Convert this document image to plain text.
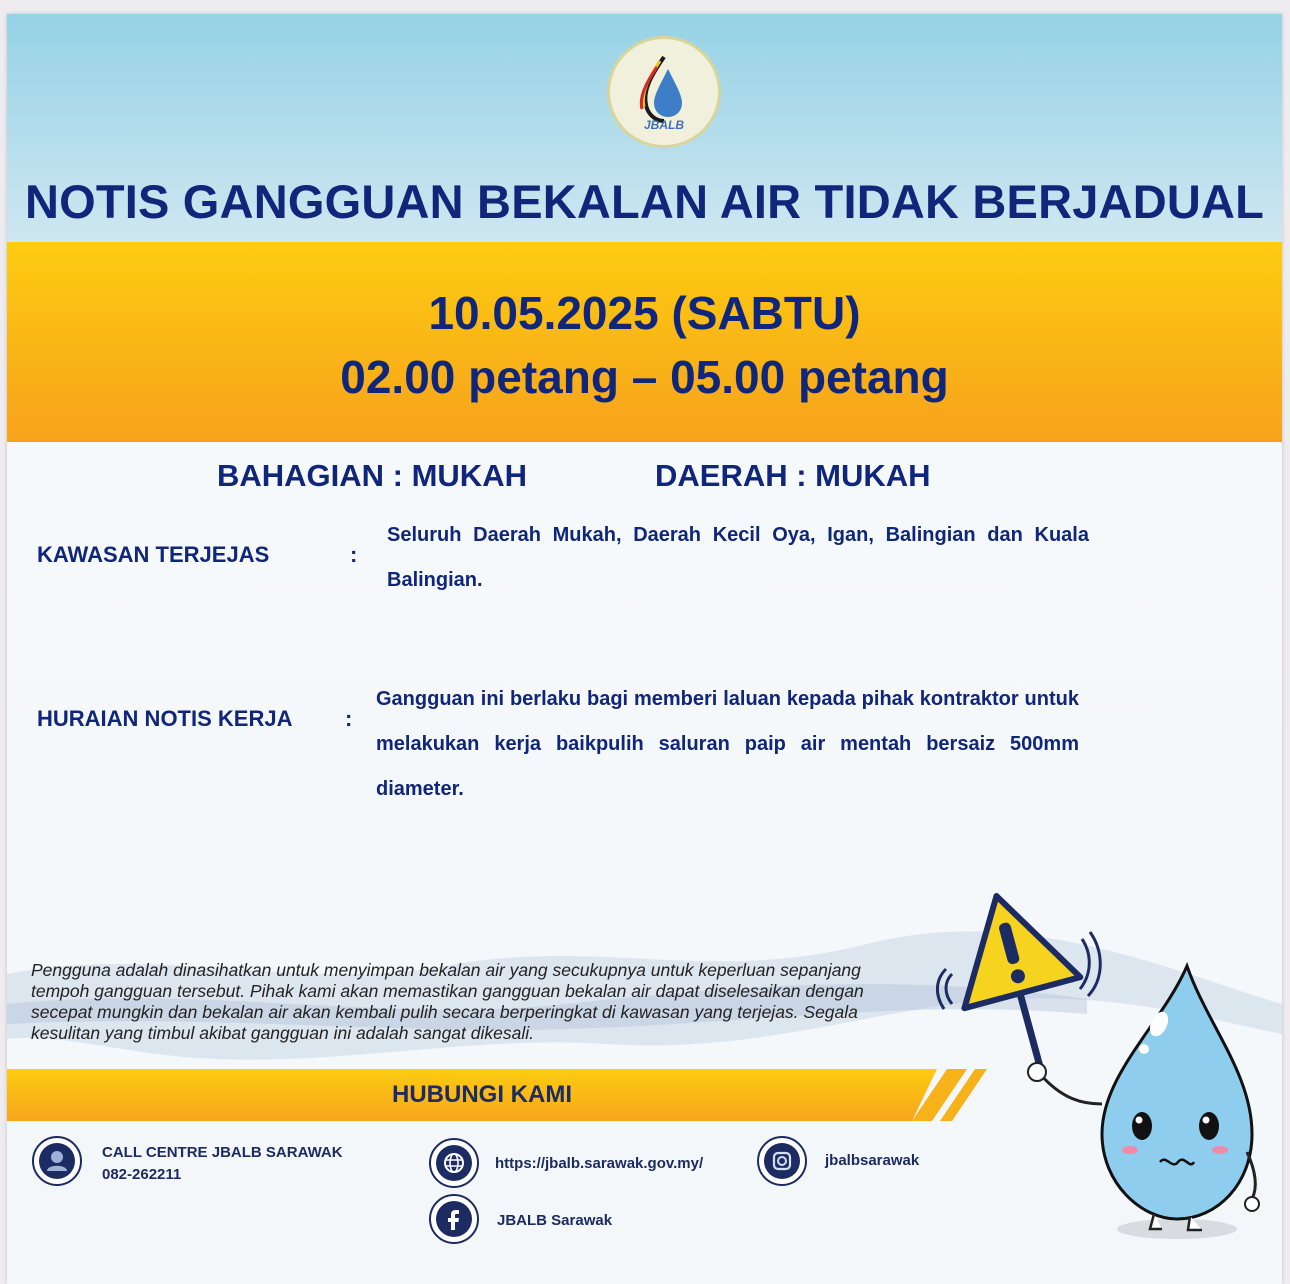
JBALB
NOTIS GANGGUAN BEKALAN AIR TIDAK BERJADUAL
10.05.2025 (SABTU)
02.00 petang – 05.00 petang
BAHAGIAN : MUKAH	DAERAH : MUKAH
KAWASAN TERJEJAS	:
Seluruh Daerah Mukah, Daerah Kecil Oya, Igan, Balingian dan Kuala Balingian.
HURAIAN NOTIS KERJA :
Gangguan ini berlaku bagi memberi laluan kepada pihak kontraktor untuk melakukan kerja baikpulih saluran paip air mentah bersaiz 500mm diameter.
Pengguna adalah dinasihatkan untuk menyimpan bekalan air yang secukupnya untuk keperluan sepanjang tempoh gangguan tersebut. Pihak kami akan memastikan gangguan bekalan air dapat diselesaikan dengan secepat mungkin dan bekalan air akan kembali pulih secara berperingkat di kawasan yang terjejas. Segala kesulitan yang timbul akibat gangguan ini adalah sangat dikesali.
HUBUNGI KAMI
CALL CENTRE JBALB SARAWAK
082-262211
https://jbalb.sarawak.gov.my/	jbalbsarawak
JBALB Sarawak
